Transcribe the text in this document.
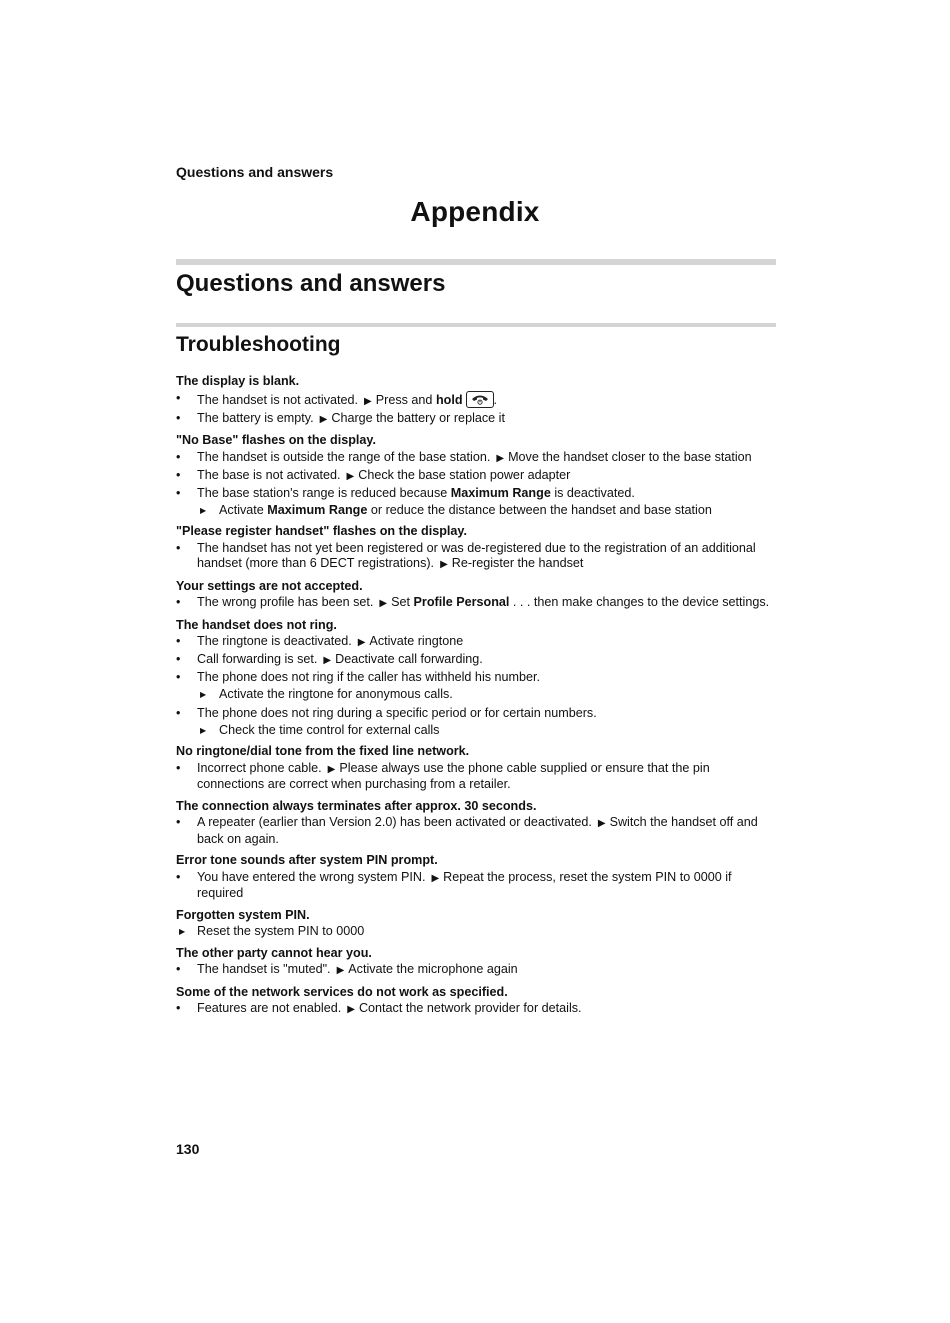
Questions and answers
Appendix
Questions and answers
Troubleshooting
The display is blank.
•	The handset is not activated. ▶ Press and hold .
•	The battery is empty. ▶ Charge the battery or replace it
"No Base" flashes on the display.
•	The handset is outside the range of the base station. ▶ Move the handset closer to the base station
•	The base is not activated. ▶ Check the base station power adapter
•	The base station's range is reduced because Maximum Range is deactivated.
▶ Activate Maximum Range or reduce the distance between the handset and base station
"Please register handset" flashes on the display.
•	The handset has not yet been registered or was de-registered due to the registration of an additional handset (more than 6 DECT registrations). ▶ Re-register the handset
Your settings are not accepted.
•	The wrong profile has been set. ▶ Set Profile Personal . . . then make changes to the device settings.
The handset does not ring.
•	The ringtone is deactivated. ▶ Activate ringtone
•	Call forwarding is set. ▶ Deactivate call forwarding.
•	The phone does not ring if the caller has withheld his number.
▶ Activate the ringtone for anonymous calls.
•	The phone does not ring during a specific period or for certain numbers.
▶ Check the time control for external calls
No ringtone/dial tone from the fixed line network.
•	Incorrect phone cable. ▶ Please always use the phone cable supplied or ensure that the pin connections are correct when purchasing from a retailer.
The connection always terminates after approx. 30 seconds.
•	A repeater (earlier than Version 2.0) has been activated or deactivated. ▶ Switch the handset off and back on again.
Error tone sounds after system PIN prompt.
•	You have entered the wrong system PIN. ▶ Repeat the process, reset the system PIN to 0000 if required
Forgotten system PIN.
▶ Reset the system PIN to 0000
The other party cannot hear you.
•	The handset is "muted". ▶ Activate the microphone again
Some of the network services do not work as specified.
•	Features are not enabled. ▶ Contact the network provider for details.
130
